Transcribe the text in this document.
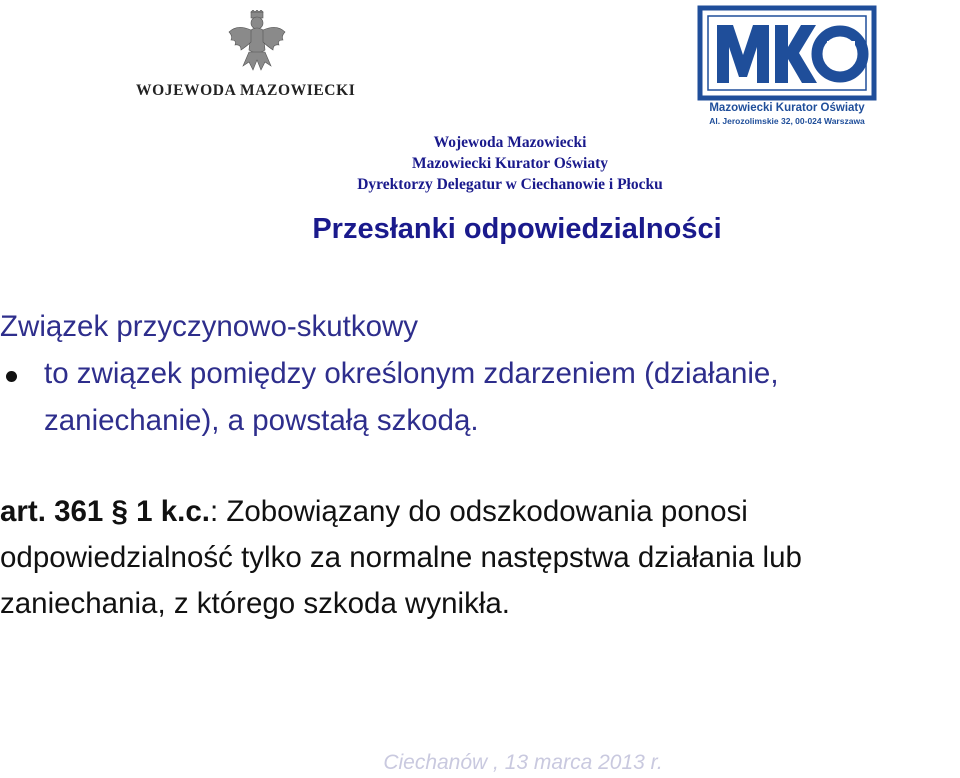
WOJEWODA MAZOWIECKI
Mazowiecki Kurator Oświaty
Al. Jerozolimskie 32, 00-024 Warszawa
Wojewoda Mazowiecki
Mazowiecki Kurator Oświaty
Dyrektorzy Delegatur w Ciechanowie i Płocku
Przesłanki odpowiedzialności
Związek przyczynowo-skutkowy
to związek pomiędzy określonym zdarzeniem (działanie,
zaniechanie), a powstałą szkodą.
art. 361 § 1 k.c.: Zobowiązany do odszkodowania ponosi
odpowiedzialność tylko za normalne następstwa działania lub
zaniechania, z którego szkoda wynikła.
Ciechanów , 13 marca 2013 r.
